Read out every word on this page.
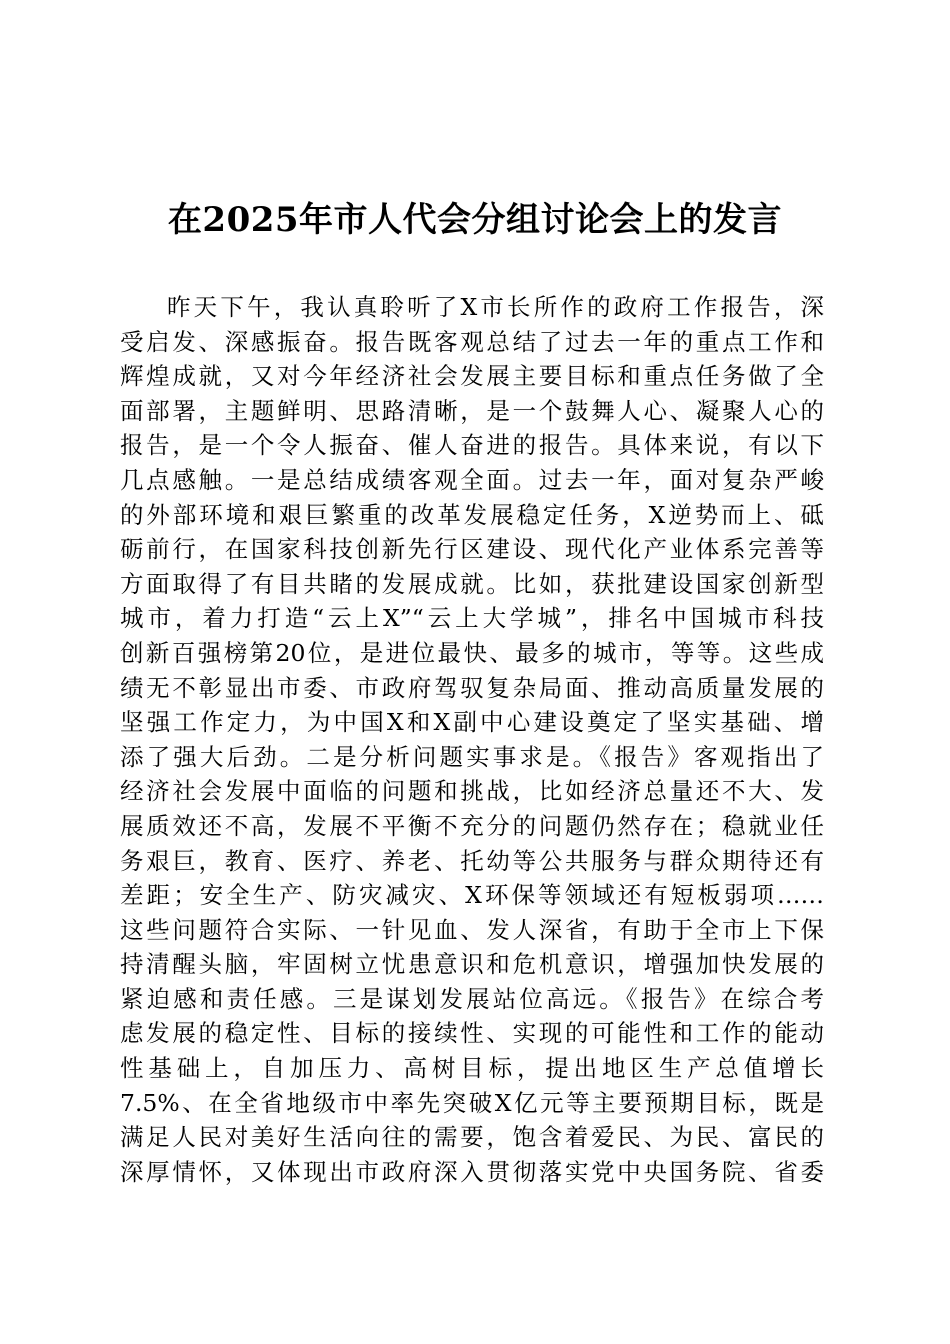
在2025年市人代会分组讨论会上的发言
昨天下午，我认真聆听了X市长所作的政府工作报告，深
受启发、深感振奋。报告既客观总结了过去一年的重点工作和
辉煌成就，又对今年经济社会发展主要目标和重点任务做了全
面部署，主题鲜明、思路清晰，是一个鼓舞人心、凝聚人心的
报告，是一个令人振奋、催人奋进的报告。具体来说，有以下
几点感触。一是总结成绩客观全面。过去一年，面对复杂严峻
的外部环境和艰巨繁重的改革发展稳定任务，X逆势而上、砥
砺前行，在国家科技创新先行区建设、现代化产业体系完善等
方面取得了有目共睹的发展成就。比如，获批建设国家创新型
城市，着力打造“云上X”“云上大学城”，排名中国城市科技
创新百强榜第20位，是进位最快、最多的城市，等等。这些成
绩无不彰显出市委、市政府驾驭复杂局面、推动高质量发展的
坚强工作定力，为中国X和X副中心建设奠定了坚实基础、增
添了强大后劲。二是分析问题实事求是。《报告》客观指出了
经济社会发展中面临的问题和挑战，比如经济总量还不大、发
展质效还不高，发展不平衡不充分的问题仍然存在；稳就业任
务艰巨，教育、医疗、养老、托幼等公共服务与群众期待还有
差距；安全生产、防灾减灾、X环保等领域还有短板弱项……
这些问题符合实际、一针见血、发人深省，有助于全市上下保
持清醒头脑，牢固树立忧患意识和危机意识，增强加快发展的
紧迫感和责任感。三是谋划发展站位高远。《报告》在综合考
虑发展的稳定性、目标的接续性、实现的可能性和工作的能动
性基础上，自加压力、高树目标，提出地区生产总值增长
7.5%、在全省地级市中率先突破X亿元等主要预期目标，既是
满足人民对美好生活向往的需要，饱含着爱民、为民、富民的
深厚情怀，又体现出市政府深入贯彻落实党中央国务院、省委
